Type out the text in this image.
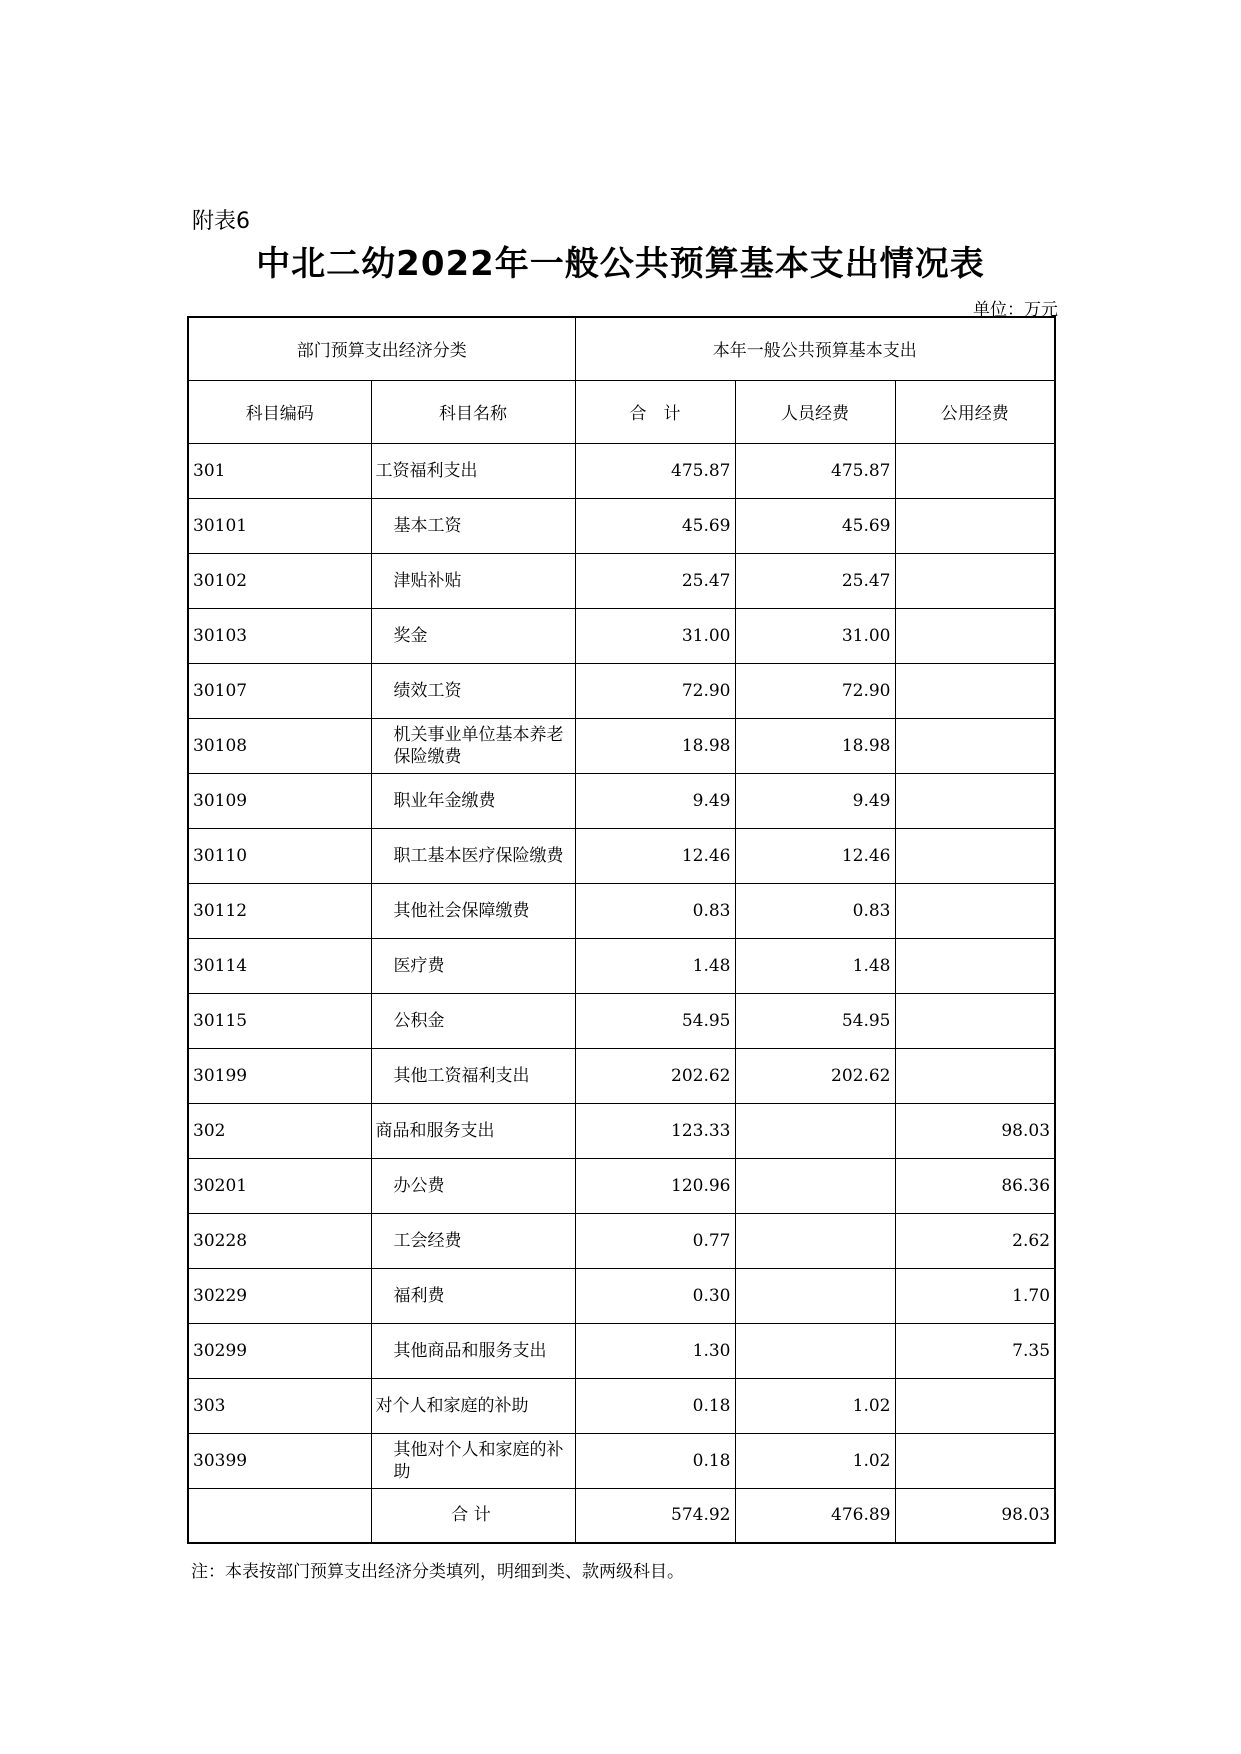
附表6
中北二幼2022年一般公共预算基本支出情况表
单位：万元
部门预算支出经济分类		本年一般公共预算基本支出		
科目编码	科目名称	合　计	人员经费	公用经费
301	工资福利支出	475.87	475.87	
30101	基本工资	45.69	45.69	
30102	津贴补贴	25.47	25.47	
30103	奖金	31.00	31.00	
30107	绩效工资	72.90	72.90	
30108	机关事业单位基本养老保险缴费	18.98	18.98	
30109	职业年金缴费	9.49	9.49	
30110	职工基本医疗保险缴费	12.46	12.46	
30112	其他社会保障缴费	0.83	0.83	
30114	医疗费	1.48	1.48	
30115	公积金	54.95	54.95	
30199	其他工资福利支出	202.62	202.62	
302	商品和服务支出	123.33		98.03
30201	办公费	120.96		86.36
30228	工会经费	0.77		2.62
30229	福利费	0.30		1.70
30299	其他商品和服务支出	1.30		7.35
303	对个人和家庭的补助	0.18	1.02	
30399	其他对个人和家庭的补助	0.18	1.02	
	合 计	574.92	476.89	98.03
注：本表按部门预算支出经济分类填列，明细到类、款两级科目。
